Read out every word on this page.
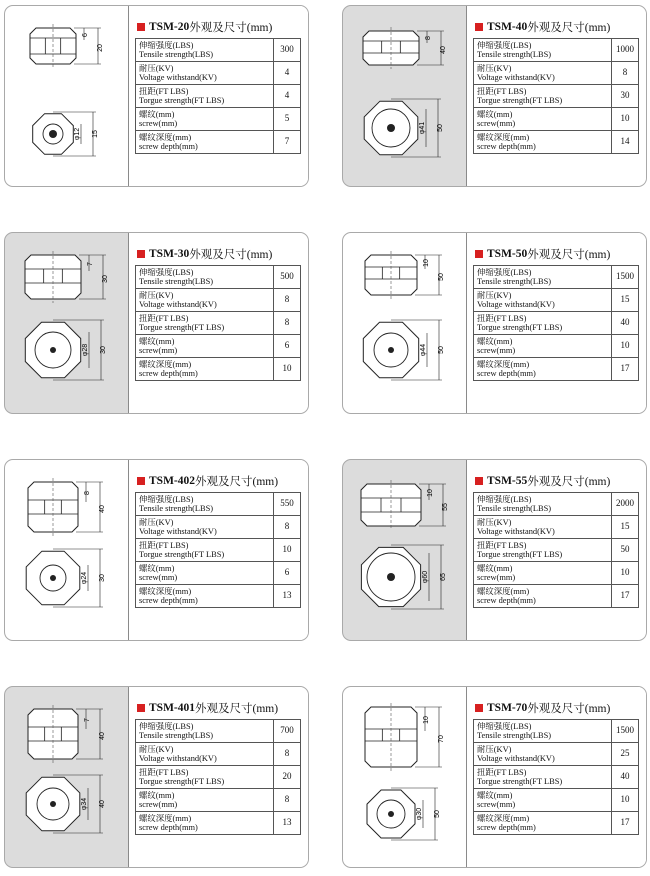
6
20
φ12 15
TSM-20 外观及尺寸(mm)
伸缩强度(LBS)
Tensile strength(LBS)	300

耐压(KV)
Voltage withstand(KV)	4

扭距(FT LBS)
Torgue strength(FT LBS)	4

螺纹(mm)
screw(mm)	5

螺纹深度(mm)
screw depth(mm)	7
8
40
φ41 50
TSM-40 外观及尺寸(mm)
伸缩强度(LBS)
Tensile strength(LBS)	1000

耐压(KV)
Voltage withstand(KV)	8

扭距(FT LBS)
Torgue strength(FT LBS)	30

螺纹(mm)
screw(mm)	10

螺纹深度(mm)
screw depth(mm)	14
7
30
φ28 30
TSM-30 外观及尺寸(mm)
伸缩强度(LBS)
Tensile strength(LBS)	500

耐压(KV)
Voltage withstand(KV)	8

扭距(FT LBS)
Torgue strength(FT LBS)	8

螺纹(mm)
screw(mm)	6

螺纹深度(mm)
screw depth(mm)	10
10
50
φ44 50
TSM-50 外观及尺寸(mm)
伸缩强度(LBS)
Tensile strength(LBS)	1500

耐压(KV)
Voltage withstand(KV)	15

扭距(FT LBS)
Torgue strength(FT LBS)	40

螺纹(mm)
screw(mm)	10

螺纹深度(mm)
screw depth(mm)	17
8
40
φ24 30
TSM-402 外观及尺寸(mm)
伸缩强度(LBS)
Tensile strength(LBS)	550

耐压(KV)
Voltage withstand(KV)	8

扭距(FT LBS)
Torgue strength(FT LBS)	10

螺纹(mm)
screw(mm)	6

螺纹深度(mm)
screw depth(mm)	13
10
55
φ60 65
TSM-55 外观及尺寸(mm)
伸缩强度(LBS)
Tensile strength(LBS)	2000

耐压(KV)
Voltage withstand(KV)	15

扭距(FT LBS)
Torgue strength(FT LBS)	50

螺纹(mm)
screw(mm)	10

螺纹深度(mm)
screw depth(mm)	17
7
40
φ34 40
TSM-401 外观及尺寸(mm)
伸缩强度(LBS)
Tensile strength(LBS)	700

耐压(KV)
Voltage withstand(KV)	8

扭距(FT LBS)
Torgue strength(FT LBS)	20

螺纹(mm)
screw(mm)	8

螺纹深度(mm)
screw depth(mm)	13
10
70
φ30 50
TSM-70 外观及尺寸(mm)
伸缩强度(LBS)
Tensile strength(LBS)	1500

耐压(KV)
Voltage withstand(KV)	25

扭距(FT LBS)
Torgue strength(FT LBS)	40

螺纹(mm)
screw(mm)	10

螺纹深度(mm)
screw depth(mm)	17
